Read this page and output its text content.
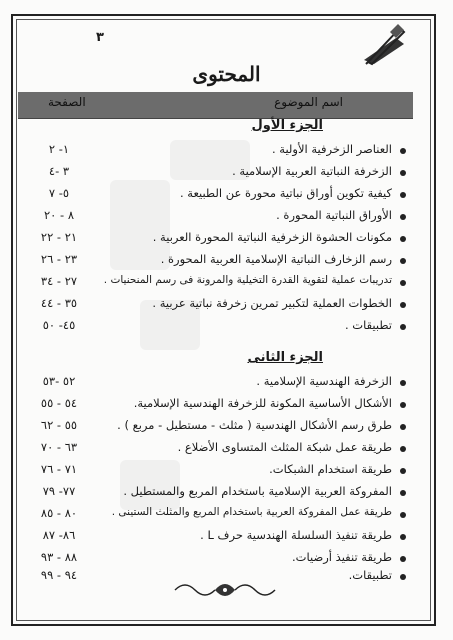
٣
المحتوى
اسم الموضوع
الصفحة
الجزء الأول
العناصر الزخرفية الأولية .
١- ٢
الزخرفة النباتية العربية الإسلامية .
٣ -٤
كيفية تكوين أوراق نباتية محورة عن الطبيعة .
٥- ٧
الأوراق النباتية المحورة .
٨ - ٢٠
مكونات الحشوة الزخرفية النباتية المحورة العربية .
٢١ - ٢٢
رسم الزخارف النباتية الإسلامية العربية المحورة .
٢٣ - ٢٦
تدريبات عملية لتقوية القدرة التخيلية والمرونة فى رسم المنحنيات .
٢٧ - ٣٤
الخطوات العملية لتكبير تمرين زخرفة نباتية عربية .
٣٥ - ٤٤
تطبيقات .
٤٥- ٥٠
الجزء الثانى
الزخرفة الهندسية الإسلامية .
٥٢ -٥٣
الأشكال الأساسية المكونة للزخرفة الهندسية الإسلامية.
٥٤ - ٥٥
طرق رسم الأشكال الهندسية ( مثلث - مستطيل - مربع ) .
٥٥ - ٦٢
طريقة عمل شبكة المثلث المتساوى الأضلاع .
٦٣ - ٧٠
طريقة استخدام الشبكات.
٧١ - ٧٦
المفروكة العربية الإسلامية باستخدام المربع والمستطيل .
٧٧- ٧٩
طريقة عمل المفروكة العربية باستخدام المربع والمثلث الستينى .
٨٠ - ٨٥
طريقة تنفيذ السلسلة الهندسية حرف L .
٨٦- ٨٧
طريقة تنفيذ أرضيات.
٨٨ - ٩٣
تطبيقات.
٩٤ - ٩٩
